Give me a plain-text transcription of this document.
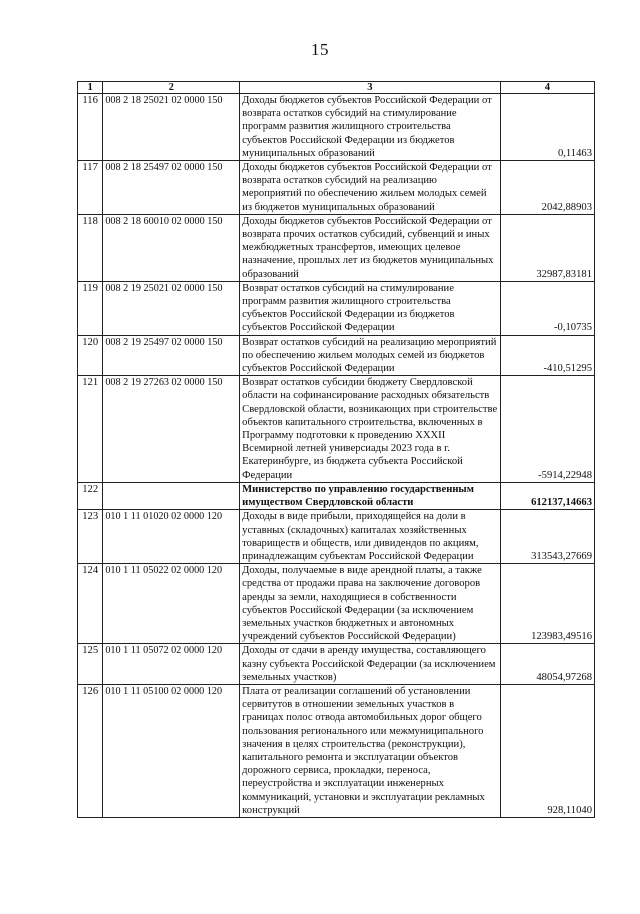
15
1	2	3	4
116	008 2 18 25021 02 0000 150	Доходы бюджетов субъектов Российской Федерации от возврата остатков субсидий на стимулирование программ развития жилищного строительства субъектов Российской Федерации из бюджетов муниципальных образований	0,11463
117	008 2 18 25497 02 0000 150	Доходы бюджетов субъектов Российской Федерации от возврата остатков субсидий на реализацию мероприятий по обеспечению жильем молодых семей из бюджетов муниципальных образований	2042,88903
118	008 2 18 60010 02 0000 150	Доходы бюджетов субъектов Российской Федерации от возврата прочих остатков субсидий, субвенций и иных межбюджетных трансфертов, имеющих целевое назначение, прошлых лет из бюджетов муниципальных образований	32987,83181
119	008 2 19 25021 02 0000 150	Возврат остатков субсидий на стимулирование программ развития жилищного строительства субъектов Российской Федерации из бюджетов субъектов Российской Федерации	-0,10735
120	008 2 19 25497 02 0000 150	Возврат остатков субсидий на реализацию мероприятий по обеспечению жильем молодых семей из бюджетов субъектов Российской Федерации	-410,51295
121	008 2 19 27263 02 0000 150	Возврат остатков субсидии бюджету Свердловской области на софинансирование расходных обязательств Свердловской области, возникающих при строительстве объектов капитального строительства, включенных в Программу подготовки к проведению XXXII Всемирной летней универсиады 2023 года в г. Екатеринбурге, из бюджета субъекта Российской Федерации	-5914,22948
122		Министерство по управлению государственным имуществом Свердловской области	612137,14663
123	010 1 11 01020 02 0000 120	Доходы в виде прибыли, приходящейся на доли в уставных (складочных) капиталах хозяйственных товариществ и обществ, или дивидендов по акциям, принадлежащим субъектам Российской Федерации	313543,27669
124	010 1 11 05022 02 0000 120	Доходы, получаемые в виде арендной платы, а также средства от продажи права на заключение договоров аренды за земли, находящиеся в собственности субъектов Российской Федерации (за исключением земельных участков бюджетных и автономных учреждений субъектов Российской Федерации)	123983,49516
125	010 1 11 05072 02 0000 120	Доходы от сдачи в аренду имущества, составляющего казну субъекта Российской Федерации (за исключением земельных участков)	48054,97268
126	010 1 11 05100 02 0000 120	Плата от реализации соглашений об установлении сервитутов в отношении земельных участков в границах полос отвода автомобильных дорог общего пользования регионального или межмуниципального значения в целях строительства (реконструкции), капитального ремонта и эксплуатации объектов дорожного сервиса, прокладки, переноса, переустройства и эксплуатации инженерных коммуникаций, установки и эксплуатации рекламных конструкций	928,11040
